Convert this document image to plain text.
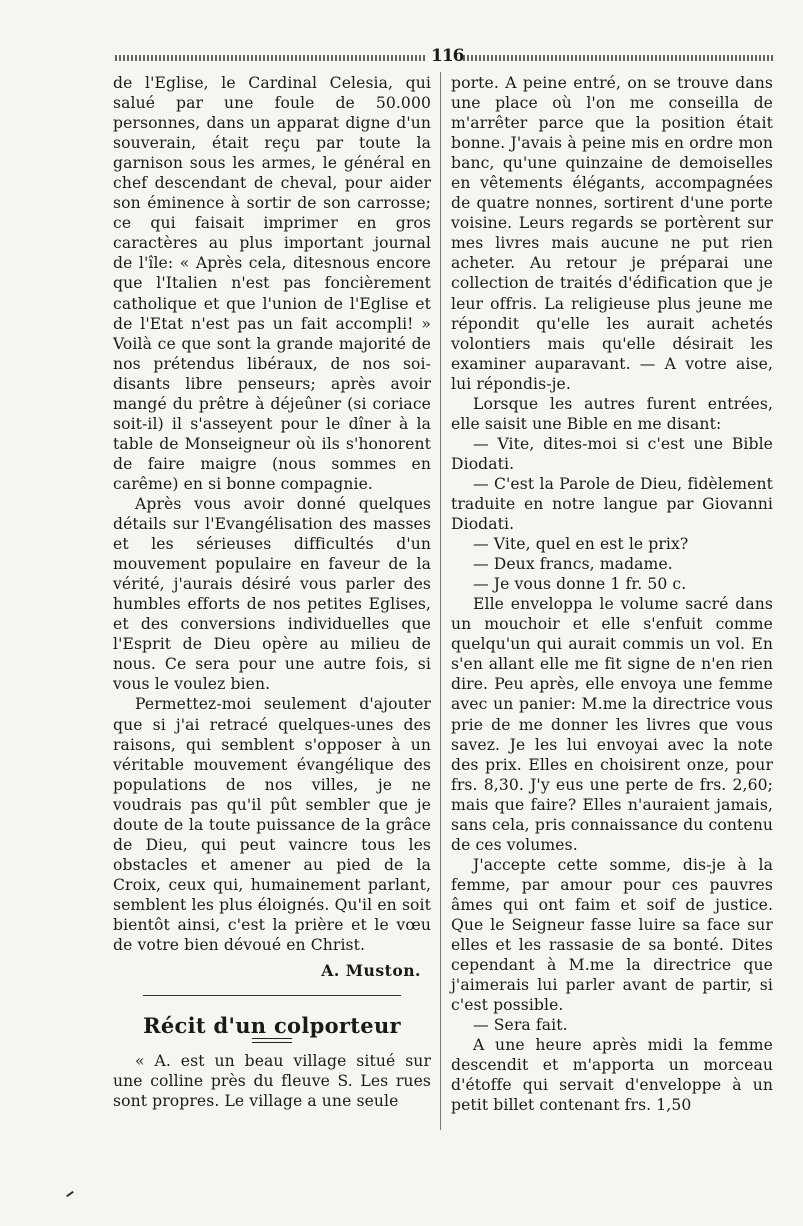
116

de l'Eglise, le Cardinal Celesia, qui salué par une foule de 50.000 personnes, dans un apparat digne d'un souverain, était reçu par toute la garnison sous les armes, le général en chef descendant de cheval, pour aider son éminence à sortir de son carrosse; ce qui faisait imprimer en gros caractères au plus important journal de l'île: « Après cela, ditesnous encore que l'Italien n'est pas foncièrement catholique et que l'union de l'Eglise et de l'Etat n'est pas un fait accompli! » Voilà ce que sont la grande majorité de nos prétendus libéraux, de nos soi-disants libre penseurs; après avoir mangé du prêtre à déjeûner (si coriace soit-il) il s'asseyent pour le dîner à la table de Monseigneur où ils s'honorent de faire maigre (nous sommes en carême) en si bonne compagnie.

Après vous avoir donné quelques détails sur l'Evangélisation des masses et les sérieuses difficultés d'un mouvement populaire en faveur de la vérité, j'aurais désiré vous parler des humbles efforts de nos petites Eglises, et des conversions individuelles que l'Esprit de Dieu opère au milieu de nous. Ce sera pour une autre fois, si vous le voulez bien.

Permettez-moi seulement d'ajouter que si j'ai retracé quelques-unes des raisons, qui semblent s'opposer à un véritable mouvement évangélique des populations de nos villes, je ne voudrais pas qu'il pût sembler que je doute de la toute puissance de la grâce de Dieu, qui peut vaincre tous les obstacles et amener au pied de la Croix, ceux qui, humainement parlant, semblent les plus éloignés. Qu'il en soit bientôt ainsi, c'est la prière et le vœu de votre bien dévoué en Christ.

A. Muston.
Récit d'un colporteur

« A. est un beau village situé sur une colline près du fleuve S. Les rues sont propres. Le village a une seule

porte. A peine entré, on se trouve dans une place où l'on me conseilla de m'arrêter parce que la position était bonne. J'avais à peine mis en ordre mon banc, qu'une quinzaine de demoiselles en vêtements élégants, accompagnées de quatre nonnes, sortirent d'une porte voisine. Leurs regards se portèrent sur mes livres mais aucune ne put rien acheter. Au retour je préparai une collection de traités d'édification que je leur offris. La religieuse plus jeune me répondit qu'elle les aurait achetés volontiers mais qu'elle désirait les examiner auparavant. — A votre aise, lui répondis-je.

Lorsque les autres furent entrées, elle saisit une Bible en me disant:

— Vite, dites-moi si c'est une Bible Diodati.

— C'est la Parole de Dieu, fidèlement traduite en notre langue par Giovanni Diodati.

— Vite, quel en est le prix?

— Deux francs, madame.

— Je vous donne 1 fr. 50 c.

Elle enveloppa le volume sacré dans un mouchoir et elle s'enfuit comme quelqu'un qui aurait commis un vol. En s'en allant elle me fit signe de n'en rien dire. Peu après, elle envoya une femme avec un panier: M.me la directrice vous prie de me donner les livres que vous savez. Je les lui envoyai avec la note des prix. Elles en choisirent onze, pour frs. 8,30. J'y eus une perte de frs. 2,60; mais que faire? Elles n'auraient jamais, sans cela, pris connaissance du contenu de ces volumes.

J'accepte cette somme, dis-je à la femme, par amour pour ces pauvres âmes qui ont faim et soif de justice. Que le Seigneur fasse luire sa face sur elles et les rassasie de sa bonté. Dites cependant à M.me la directrice que j'aimerais lui parler avant de partir, si c'est possible.

— Sera fait.

A une heure après midi la femme descendit et m'apporta un morceau d'étoffe qui servait d'enveloppe à un petit billet contenant frs. 1,50
